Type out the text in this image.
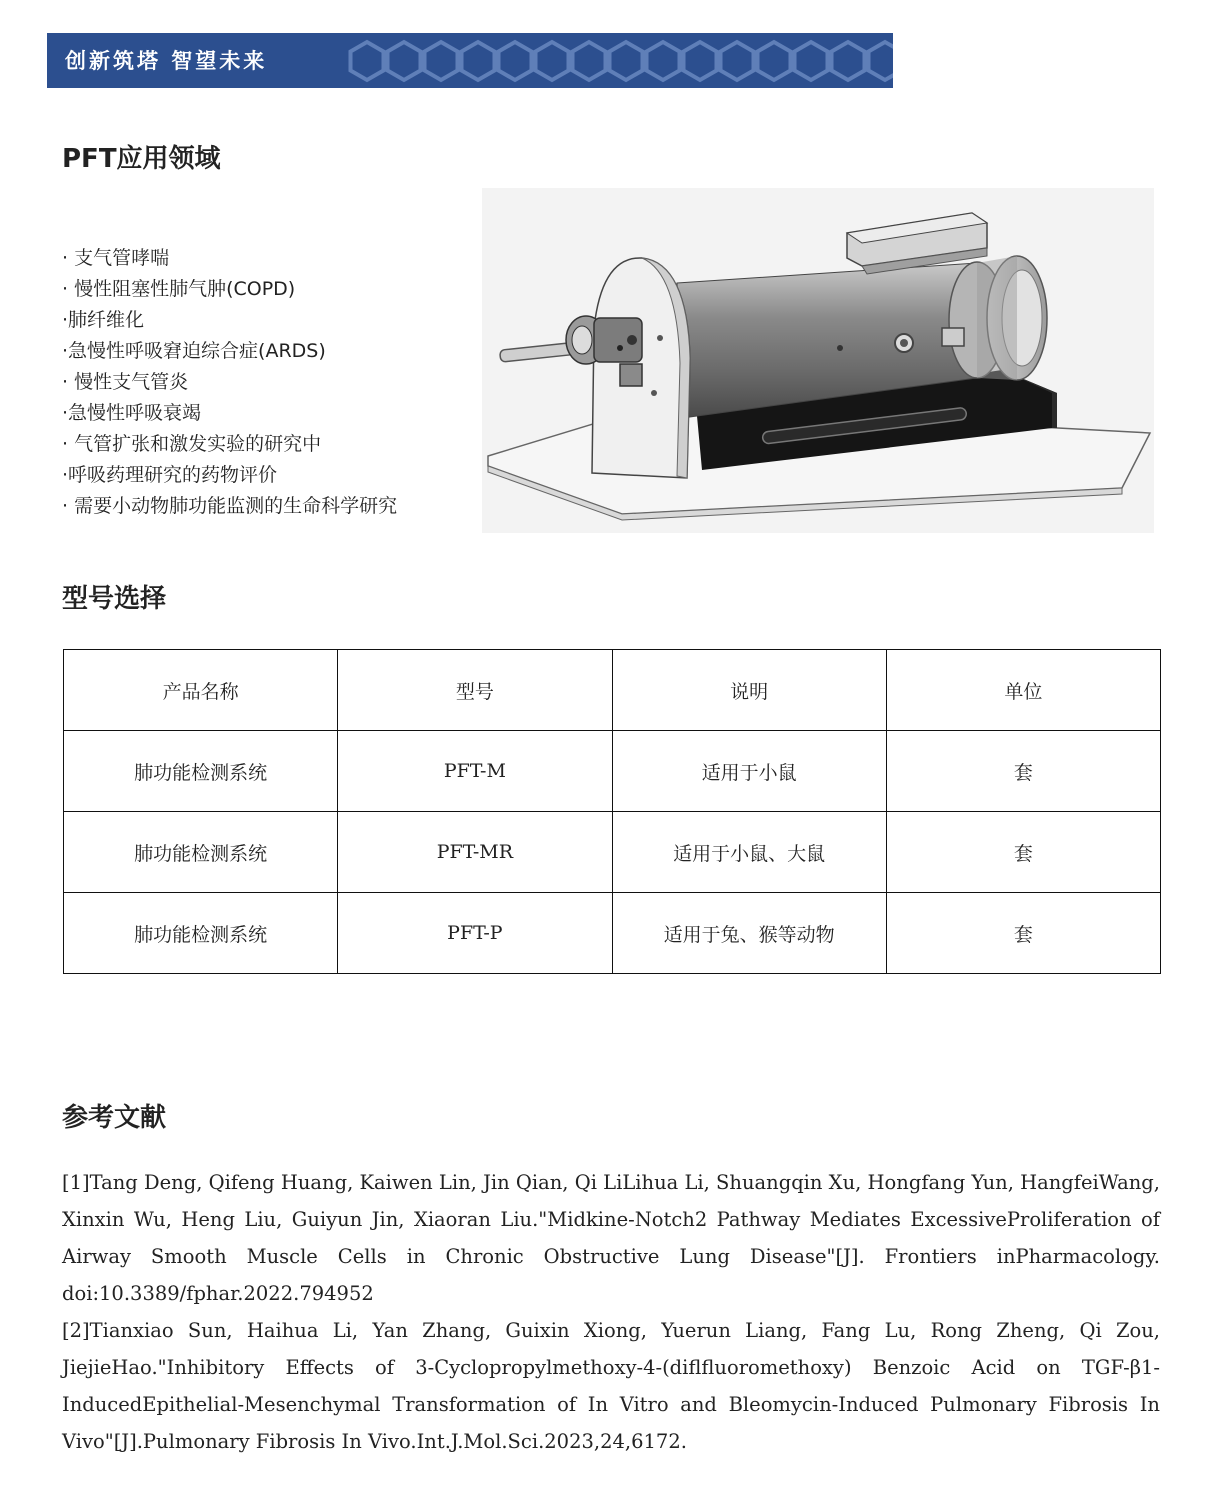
创新筑塔 智望未来
PFT应用领域
· 支气管哮喘
· 慢性阻塞性肺气肿(COPD)
·肺纤维化
·急慢性呼吸窘迫综合症(ARDS)
· 慢性支气管炎
·急慢性呼吸衰竭
· 气管扩张和激发实验的研究中
·呼吸药理研究的药物评价
· 需要小动物肺功能监测的生命科学研究
型号选择
产品名称	型号	说明	单位
肺功能检测系统	PFT-M	适用于小鼠	套
肺功能检测系统	PFT-MR	适用于小鼠、大鼠	套
肺功能检测系统	PFT-P	适用于兔、猴等动物	套
参考文献

[1]Tang Deng, Qifeng Huang, Kaiwen Lin, Jin Qian, Qi LiLihua Li, Shuangqin Xu, Hongfang Yun, HangfeiWang, Xinxin Wu, Heng Liu, Guiyun Jin, Xiaoran Liu."Midkine-Notch2 Pathway Mediates ExcessiveProliferation of Airway Smooth Muscle Cells in Chronic Obstructive Lung Disease"[J]. Frontiers inPharmacology. doi:10.3389/fphar.2022.794952

[2]Tianxiao Sun, Haihua Li, Yan Zhang, Guixin Xiong, Yuerun Liang, Fang Lu, Rong Zheng, Qi Zou, JiejieHao."Inhibitory Effects of 3-Cyclopropylmethoxy-4-(diflfluoromethoxy) Benzoic Acid on TGF-β1-InducedEpithelial-Mesenchymal Transformation of In Vitro and Bleomycin-Induced Pulmonary Fibrosis In Vivo"[J].Pulmonary Fibrosis In Vivo.Int.J.Mol.Sci.2023,24,6172.
